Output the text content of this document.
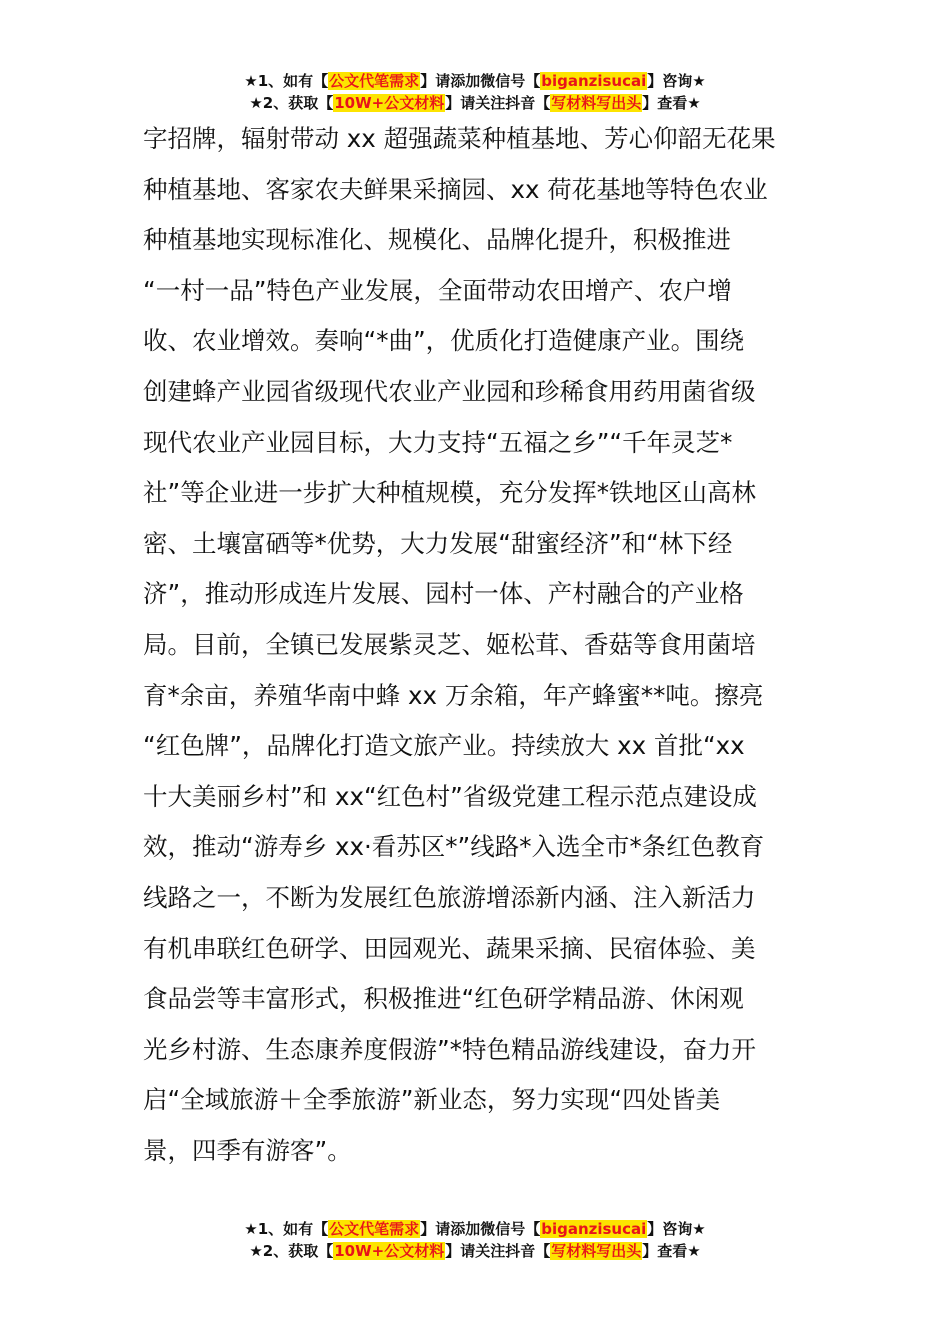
★1、如有【公文代笔需求】请添加微信号【biganzisucai】咨询★
★2、获取【10W+公文材料】请关注抖音【写材料写出头】查看★
字招牌，辐射带动 xx 超强蔬菜种植基地、芳心仰韶无花果
种植基地、客家农夫鲜果采摘园、xx 荷花基地等特色农业
种植基地实现标准化、规模化、品牌化提升，积极推进
“一村一品”特色产业发展，全面带动农田增产、农户增
收、农业增效。奏响“*曲”，优质化打造健康产业。围绕
创建蜂产业园省级现代农业产业园和珍稀食用药用菌省级
现代农业产业园目标，大力支持“五福之乡”“千年灵芝*
社”等企业进一步扩大种植规模，充分发挥*铁地区山高林
密、土壤富硒等*优势，大力发展“甜蜜经济”和“林下经
济”，推动形成连片发展、园村一体、产村融合的产业格
局。目前，全镇已发展紫灵芝、姬松茸、香菇等食用菌培
育*余亩，养殖华南中蜂 xx 万余箱，年产蜂蜜**吨。擦亮
“红色牌”，品牌化打造文旅产业。持续放大 xx 首批“xx
十大美丽乡村”和 xx“红色村”省级党建工程示范点建设成
效，推动“游寿乡 xx·看苏区*”线路*入选全市*条红色教育
线路之一，不断为发展红色旅游增添新内涵、注入新活力
有机串联红色研学、田园观光、蔬果采摘、民宿体验、美
食品尝等丰富形式，积极推进“红色研学精品游、休闲观
光乡村游、生态康养度假游”*特色精品游线建设，奋力开
启“全域旅游＋全季旅游”新业态，努力实现“四处皆美
景，四季有游客”。
★1、如有【公文代笔需求】请添加微信号【biganzisucai】咨询★
★2、获取【10W+公文材料】请关注抖音【写材料写出头】查看★
